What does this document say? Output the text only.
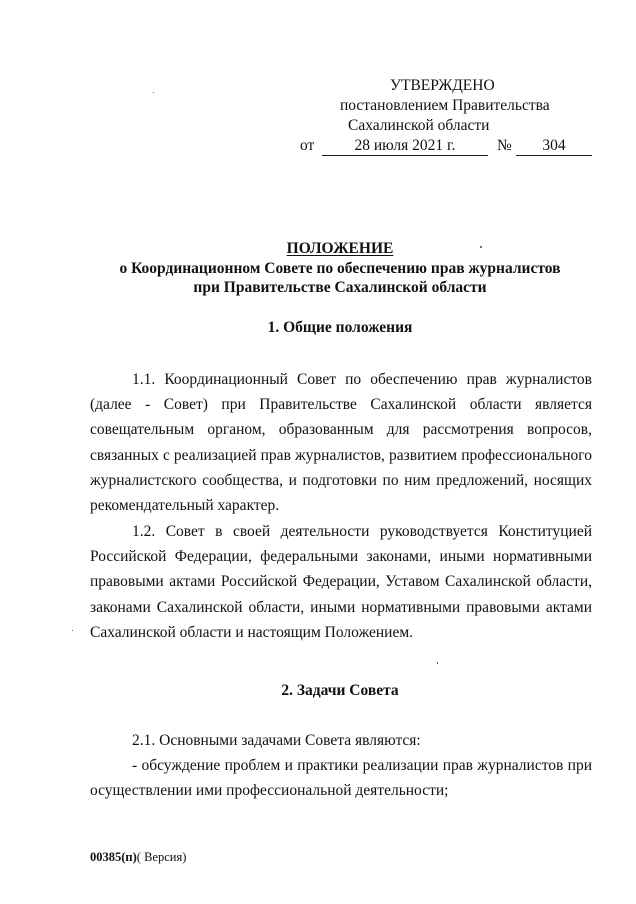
УТВЕРЖДЕНО
постановлением Правительства
Сахалинской области
от	28 июля 2021 г.	№	304
ПОЛОЖЕНИЕ
о Координационном Совете по обеспечению прав журналистов
при Правительстве Сахалинской области
1. Общие положения

1.1. Координационный Совет по обеспечению прав журналистов (далее - Совет) при Правительстве Сахалинской области является совещательным органом, образованным для рассмотрения вопросов, связанных с реализацией прав журналистов, развитием профессионального журналистского сообщества, и подготовки по ним предложений, носящих рекомендательный характер.

1.2. Совет в своей деятельности руководствуется Конституцией Российской Федерации, федеральными законами, иными нормативными правовыми актами Российской Федерации, Уставом Сахалинской области, законами Сахалинской области, иными нормативными правовыми актами Сахалинской области и настоящим Положением.

2. Задачи Совета

2.1. Основными задачами Совета являются:

- обсуждение проблем и практики реализации прав журналистов при осуществлении ими профессиональной деятельности;

00385(п)( Версия)
